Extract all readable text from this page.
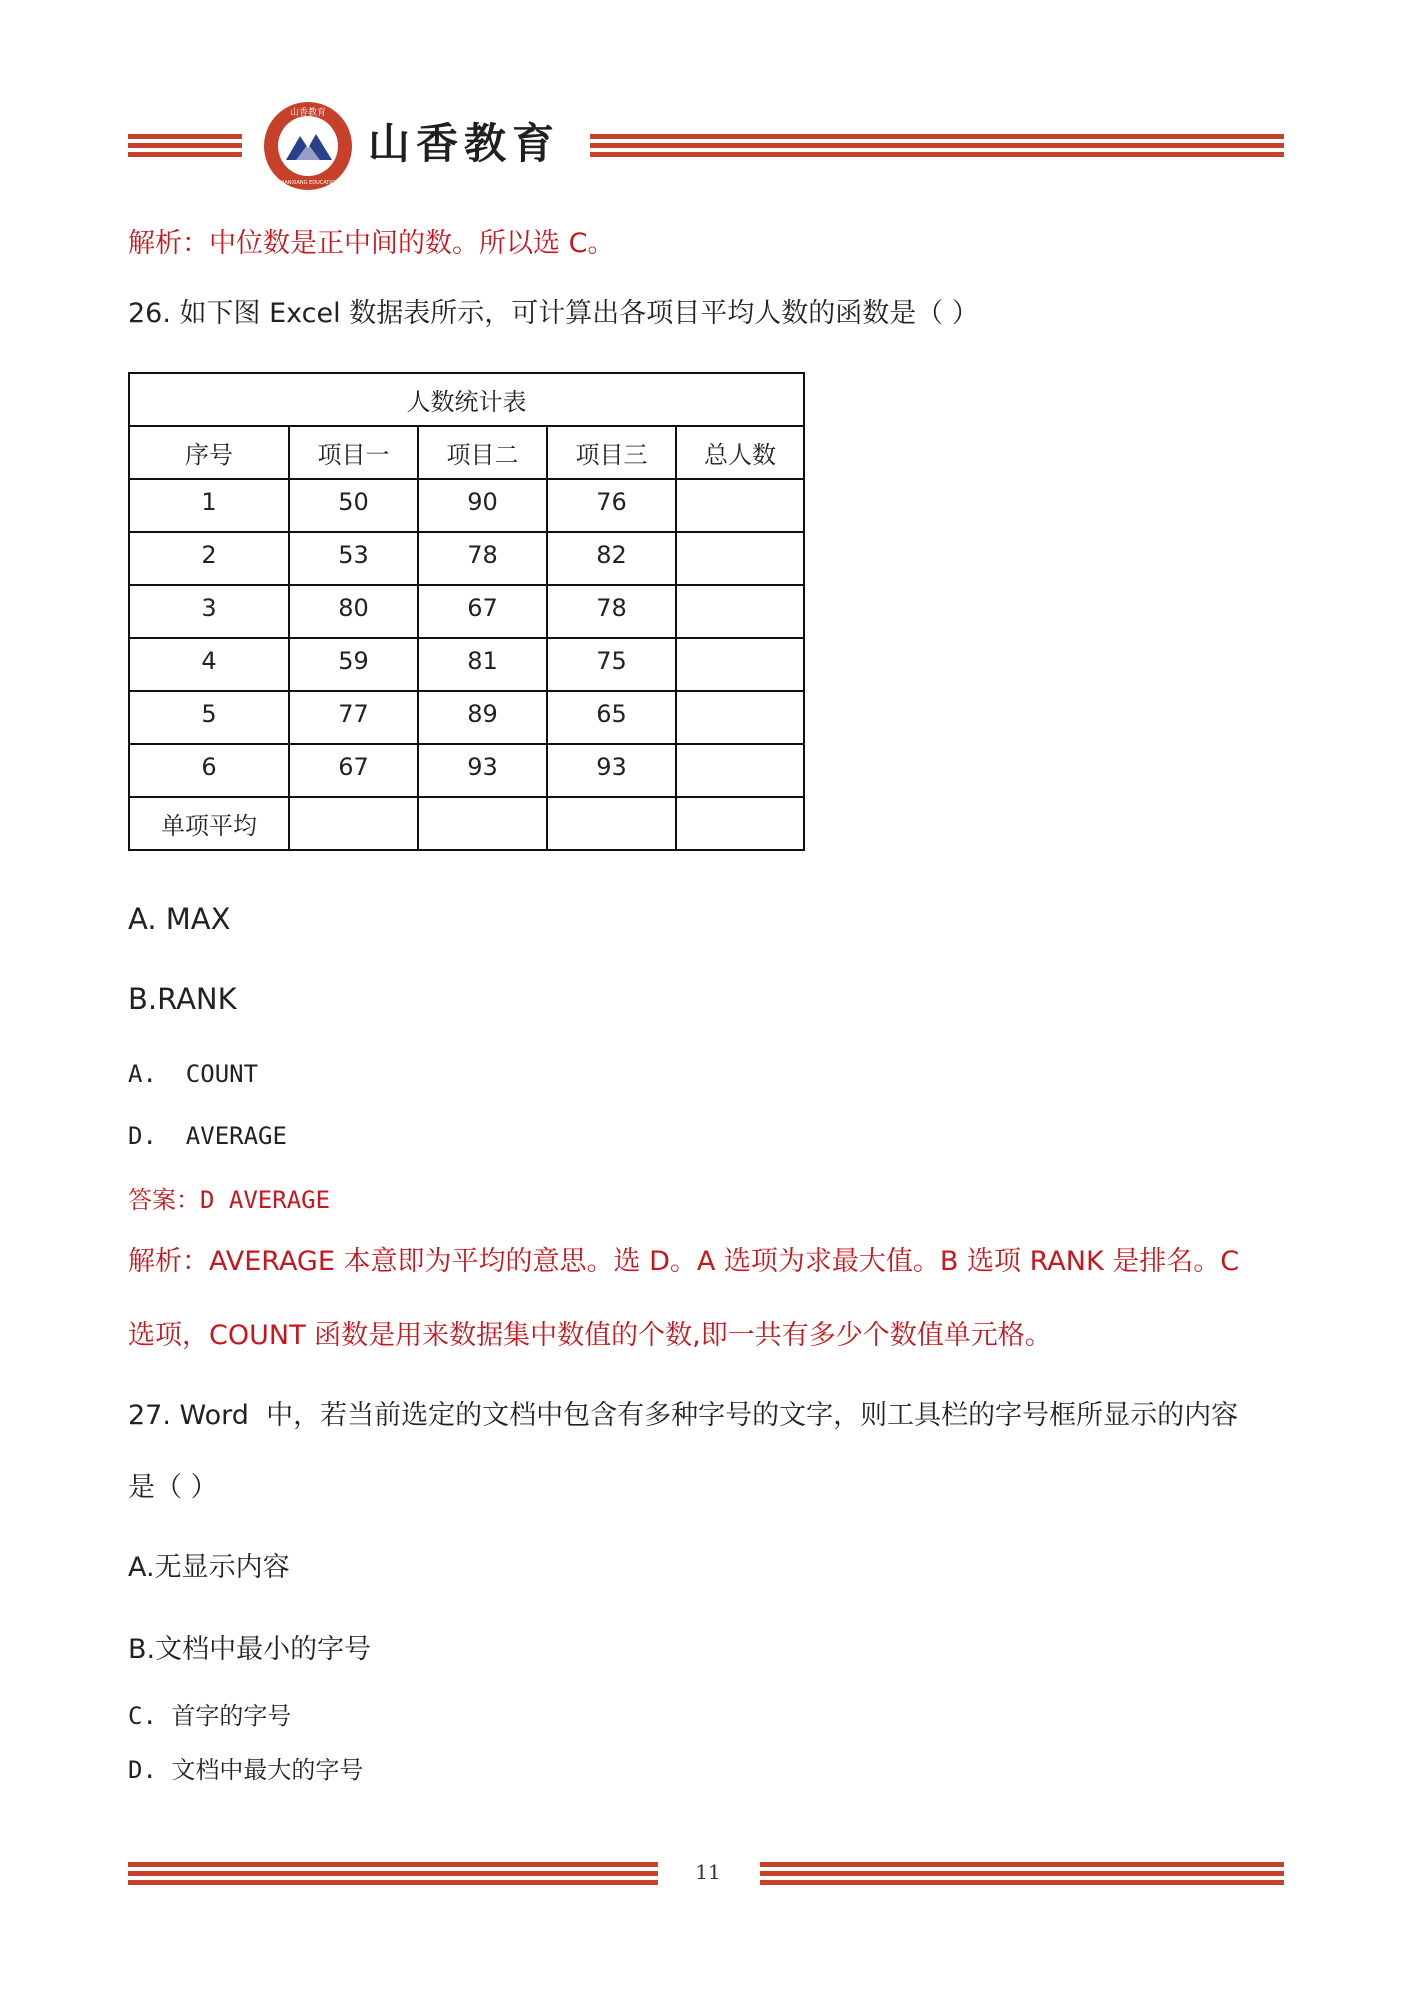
山香教育
SHANXIANG EDUCATION
山香教育
解析：中位数是正中间的数。所以选 C。
26. 如下图 Excel 数据表所示，可计算出各项目平均人数的函数是（ ）
人数统计表				
序号	项目一	项目二	项目三	总人数
1	50	90	76	
2	53	78	82	
3	80	67	78	
4	59	81	75	
5	77	89	65	
6	67	93	93	
单项平均				
A. MAX
B.RANK
A.  COUNT
D.  AVERAGE
答案：D AVERAGE
解析：AVERAGE 本意即为平均的意思。选 D。A 选项为求最大值。B 选项 RANK 是排名。C
选项，COUNT 函数是用来数据集中数值的个数,即一共有多少个数值单元格。
27. Word  中，若当前选定的文档中包含有多种字号的文字，则工具栏的字号框所显示的内容
是（ ）
A.无显示内容
B.文档中最小的字号
C. 首字的字号
D. 文档中最大的字号
11
